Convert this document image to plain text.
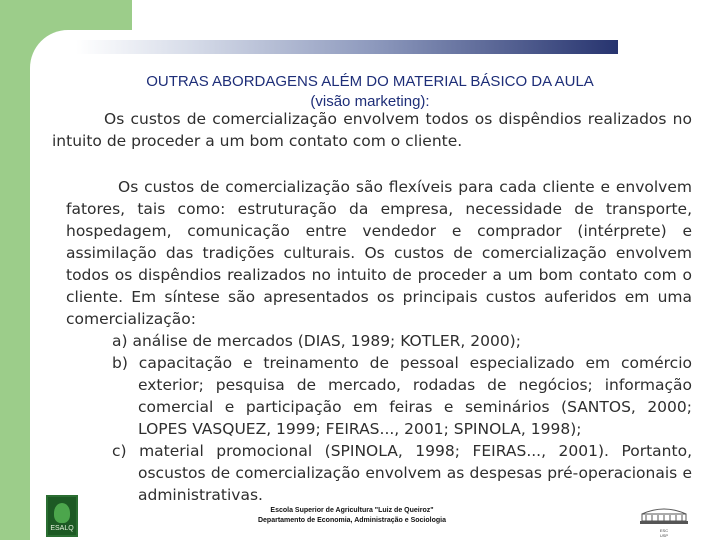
OUTRAS ABORDAGENS ALÉM DO MATERIAL BÁSICO DA AULA
(visão marketing):

Os custos de comercialização envolvem todos os dispêndios realizados no intuito de proceder a um bom contato com o cliente.

Os custos de comercialização são flexíveis para cada cliente e envolvem fatores, tais como: estruturação da empresa, necessidade de transporte, hospedagem, comunicação entre vendedor e comprador (intérprete) e assimilação das tradições culturais. Os custos de comercialização envolvem todos os dispêndios realizados no intuito de proceder a um bom contato com o cliente. Em síntese são apresentados os principais custos auferidos em uma comercialização:

a) análise de mercados (DIAS, 1989; KOTLER, 2000);
b) capacitação e treinamento de pessoal especializado em comércio exterior; pesquisa de mercado, rodadas de negócios; informação comercial e participação em feiras e seminários (SANTOS, 2000; LOPES VASQUEZ, 1999; FEIRAS..., 2001; SPINOLA, 1998);
c) material promocional (SPINOLA, 1998; FEIRAS..., 2001). Portanto, oscustos de comercialização envolvem as despesas pré-operacionais e administrativas.
ESALQ
Escola Superior de Agricultura "Luiz de Queiroz"
Departamento de Economia, Administração e Sociologia
ESC
USP
